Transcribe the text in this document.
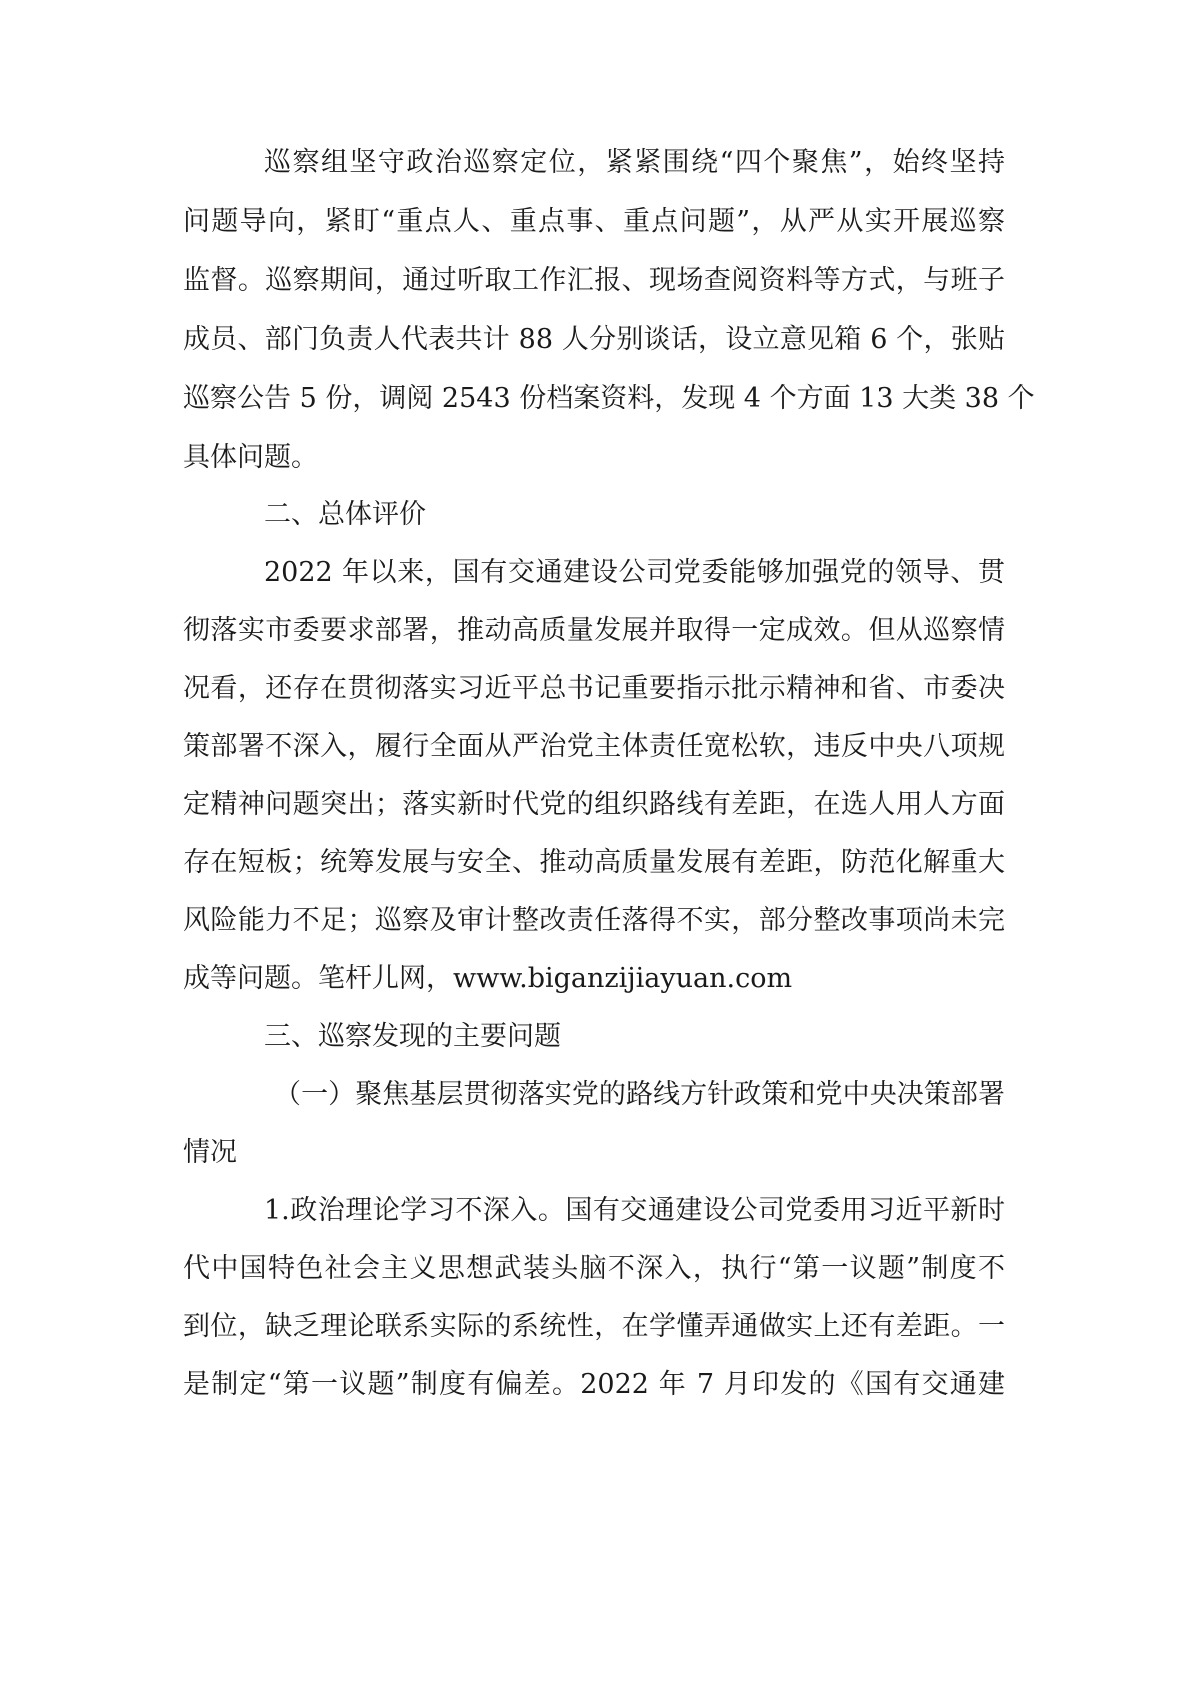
巡察组坚守政治巡察定位，紧紧围绕“四个聚焦”，始终坚持
问题导向，紧盯“重点人、重点事、重点问题”，从严从实开展巡察
监督。巡察期间，通过听取工作汇报、现场查阅资料等方式，与班子
成员、部门负责人代表共计 88 人分别谈话，设立意见箱 6 个，张贴
巡察公告 5 份，调阅 2543 份档案资料，发现 4 个方面 13 大类 38 个
具体问题。
二、总体评价
2022 年以来，国有交通建设公司党委能够加强党的领导、贯
彻落实市委要求部署，推动高质量发展并取得一定成效。但从巡察情
况看，还存在贯彻落实习近平总书记重要指示批示精神和省、市委决
策部署不深入，履行全面从严治党主体责任宽松软，违反中央八项规
定精神问题突出；落实新时代党的组织路线有差距，在选人用人方面
存在短板；统筹发展与安全、推动高质量发展有差距，防范化解重大
风险能力不足；巡察及审计整改责任落得不实，部分整改事项尚未完
成等问题。笔杆儿网，www.biganzijiayuan.com
三、巡察发现的主要问题
（一）聚焦基层贯彻落实党的路线方针政策和党中央决策部署
情况
1.政治理论学习不深入。国有交通建设公司党委用习近平新时
代中国特色社会主义思想武装头脑不深入，执行“第一议题”制度不
到位，缺乏理论联系实际的系统性，在学懂弄通做实上还有差距。一
是制定“第一议题”制度有偏差。2022 年 7 月印发的《国有交通建
